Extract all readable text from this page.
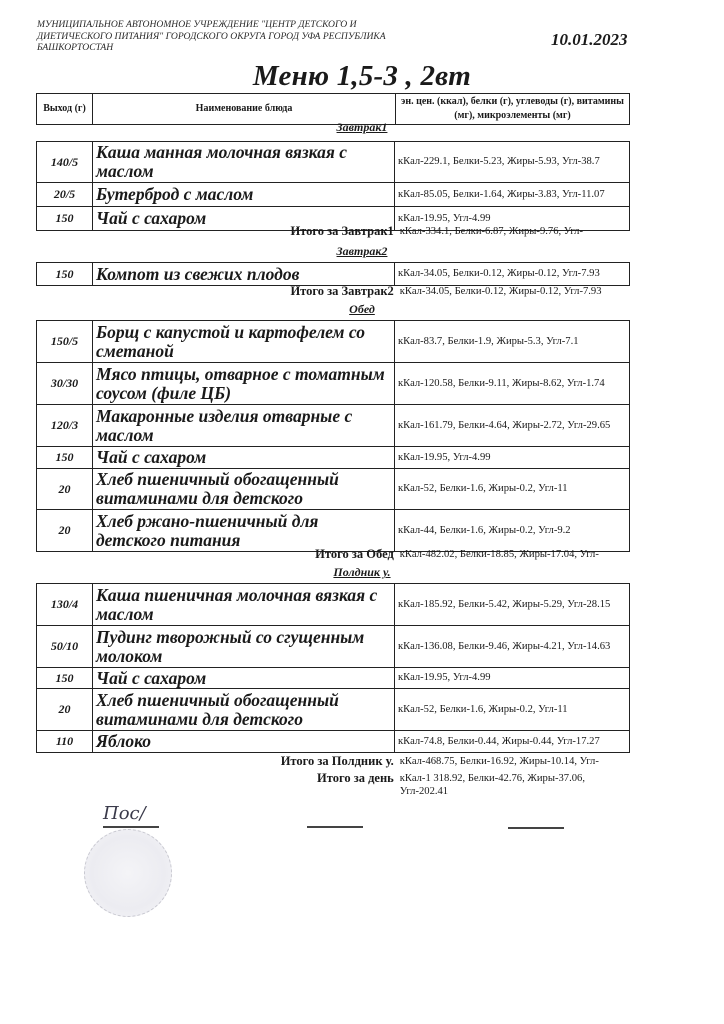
МУНИЦИПАЛЬНОЕ АВТОНОМНОЕ УЧРЕЖДЕНИЕ "ЦЕНТР ДЕТСКОГО И ДИЕТИЧЕСКОГО ПИТАНИЯ" ГОРОДСКОГО ОКРУГА ГОРОД УФА РЕСПУБЛИКА БАШКОРТОСТАН	10.01.2023
Меню 1,5-3 , 2вт
Выход (г)	Наименование блюда	эн. цен. (ккал), белки (г), углеводы (г), витамины (мг), микроэлементы (мг)
Завтрак1
140/5	Каша манная молочная вязкая с маслом	кКал-229.1, Белки-5.23, Жиры-5.93, Угл-38.7
20/5	Бутерброд с маслом	кКал-85.05, Белки-1.64, Жиры-3.83, Угл-11.07
150	Чай с сахаром	кКал-19.95, Угл-4.99
Итого за Завтрак1 кКал-334.1, Белки-6.87, Жиры-9.76, Угл-
Завтрак2
150	Компот из свежих плодов	кКал-34.05, Белки-0.12, Жиры-0.12, Угл-7.93
Итого за Завтрак2 кКал-34.05, Белки-0.12, Жиры-0.12, Угл-7.93
Обед
150/5	Борщ с капустой и картофелем со сметаной	кКал-83.7, Белки-1.9, Жиры-5.3, Угл-7.1
30/30	Мясо птицы, отварное с томатным соусом (филе ЦБ)	кКал-120.58, Белки-9.11, Жиры-8.62, Угл-1.74
120/3	Макаронные изделия отварные с маслом	кКал-161.79, Белки-4.64, Жиры-2.72, Угл-29.65
150	Чай с сахаром	кКал-19.95, Угл-4.99
20	Хлеб пшеничный обогащенный витаминами для детского	кКал-52, Белки-1.6, Жиры-0.2, Угл-11
20	Хлеб ржано-пшеничный для детского питания	кКал-44, Белки-1.6, Жиры-0.2, Угл-9.2
Итого за Обед кКал-482.02, Белки-18.85, Жиры-17.04, Угл-
Полдник у.
130/4	Каша пшеничная молочная вязкая с маслом	кКал-185.92, Белки-5.42, Жиры-5.29, Угл-28.15
50/10	Пудинг творожный со сгущенным молоком	кКал-136.08, Белки-9.46, Жиры-4.21, Угл-14.63
150	Чай с сахаром	кКал-19.95, Угл-4.99
20	Хлеб пшеничный обогащенный витаминами для детского	кКал-52, Белки-1.6, Жиры-0.2, Угл-11
110	Яблоко	кКал-74.8, Белки-0.44, Жиры-0.44, Угл-17.27
Итого за Полдник у. кКал-468.75, Белки-16.92, Жиры-10.14, Угл-
Итого за день кКал-1 318.92, Белки-42.76, Жиры-37.06, Угл-202.41
Пос/
